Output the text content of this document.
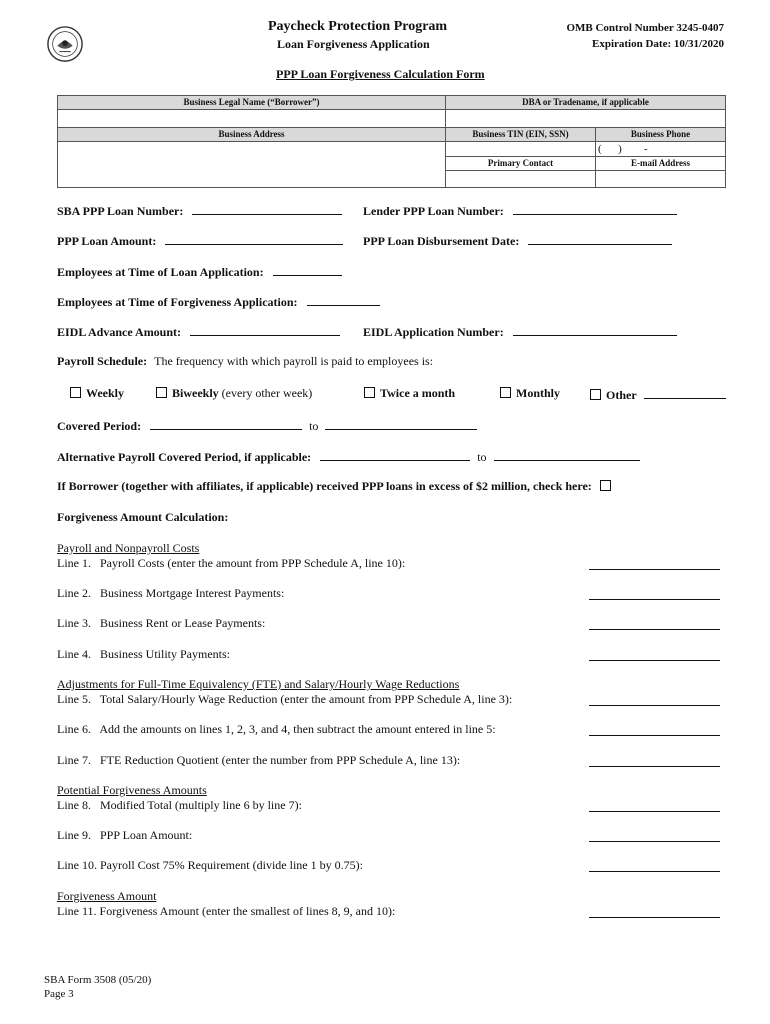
Paycheck Protection Program
Loan Forgiveness Application
OMB Control Number 3245-0407
Expiration Date: 10/31/2020
PPP Loan Forgiveness Calculation Form
Business Legal Name (“Borrower”)	DBA or Tradename, if applicable	

Business Address	Business TIN (EIN, SSN)	Business Phone
		(      )        -
	Primary Contact	E-mail Address

SBA PPP Loan Number:	Lender PPP Loan Number:
PPP Loan Amount:	PPP Loan Disbursement Date:
Employees at Time of Loan Application:
Employees at Time of Forgiveness Application:
EIDL Advance Amount:	EIDL Application Number:
Payroll Schedule: The frequency with which payroll is paid to employees is:
Weekly	Biweekly (every other week)	Twice a month	Monthly	Other
Covered Period:	to
Alternative Payroll Covered Period, if applicable:	to
If Borrower (together with affiliates, if applicable) received PPP loans in excess of $2 million, check here:
Forgiveness Amount Calculation:
Payroll and Nonpayroll Costs
Line 1.   Payroll Costs (enter the amount from PPP Schedule A, line 10):
Line 2.   Business Mortgage Interest Payments:
Line 3.   Business Rent or Lease Payments:
Line 4.   Business Utility Payments:
Adjustments for Full-Time Equivalency (FTE) and Salary/Hourly Wage Reductions
Line 5.   Total Salary/Hourly Wage Reduction (enter the amount from PPP Schedule A, line 3):
Line 6.   Add the amounts on lines 1, 2, 3, and 4, then subtract the amount entered in line 5:
Line 7.   FTE Reduction Quotient (enter the number from PPP Schedule A, line 13):
Potential Forgiveness Amounts
Line 8.   Modified Total (multiply line 6 by line 7):
Line 9.   PPP Loan Amount:
Line 10. Payroll Cost 75% Requirement (divide line 1 by 0.75):
Forgiveness Amount
Line 11. Forgiveness Amount (enter the smallest of lines 8, 9, and 10):
SBA Form 3508 (05/20)
Page 3
